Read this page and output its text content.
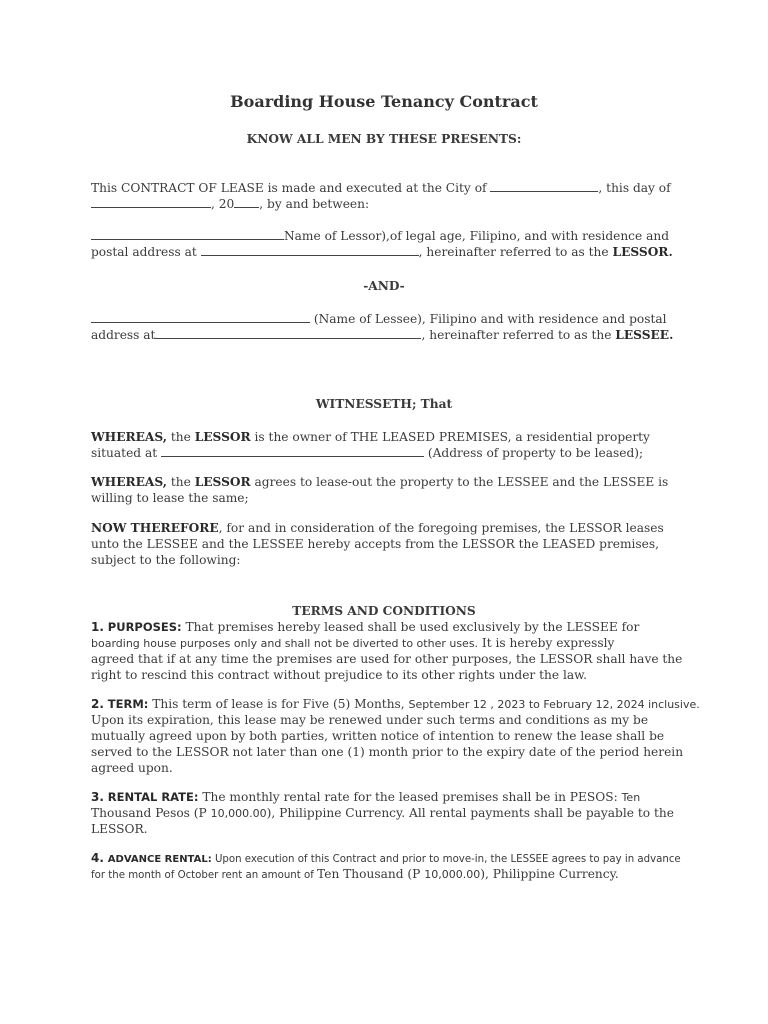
Boarding House Tenancy Contract
KNOW ALL MEN BY THESE PRESENTS:
This CONTRACT OF LEASE is made and executed at the City of	, this day of
, 20 , by and between:
Name of Lessor),of legal age, Filipino, and with residence and
postal address at	, hereinafter referred to as the LESSOR.
-AND-
(Name of Lessee), Filipino and with residence and postal
address at	, hereinafter referred to as the LESSEE.
WITNESSETH; That
WHEREAS, the LESSOR is the owner of THE LEASED PREMISES, a residential property
situated at	(Address of property to be leased);
WHEREAS, the LESSOR agrees to lease-out the property to the LESSEE and the LESSEE is
willing to lease the same;
NOW THEREFORE, for and in consideration of the foregoing premises, the LESSOR leases
unto the LESSEE and the LESSEE hereby accepts from the LESSOR the LEASED premises,
subject to the following:
TERMS AND CONDITIONS
1. PURPOSES: That premises hereby leased shall be used exclusively by the LESSEE for
boarding house purposes only and shall not be diverted to other uses. It is hereby expressly
agreed that if at any time the premises are used for other purposes, the LESSOR shall have the
right to rescind this contract without prejudice to its other rights under the law.
2. TERM: This term of lease is for Five (5) Months, September 12 , 2023 to February 12, 2024 inclusive.
Upon its expiration, this lease may be renewed under such terms and conditions as my be
mutually agreed upon by both parties, written notice of intention to renew the lease shall be
served to the LESSOR not later than one (1) month prior to the expiry date of the period herein
agreed upon.
3. RENTAL RATE: The monthly rental rate for the leased premises shall be in PESOS: Ten
Thousand Pesos (P 10,000.00), Philippine Currency. All rental payments shall be payable to the
LESSOR.
4. ADVANCE RENTAL: Upon execution of this Contract and prior to move-in, the LESSEE agrees to pay in advance
for the month of October rent an amount of Ten Thousand (P 10,000.00), Philippine Currency.
